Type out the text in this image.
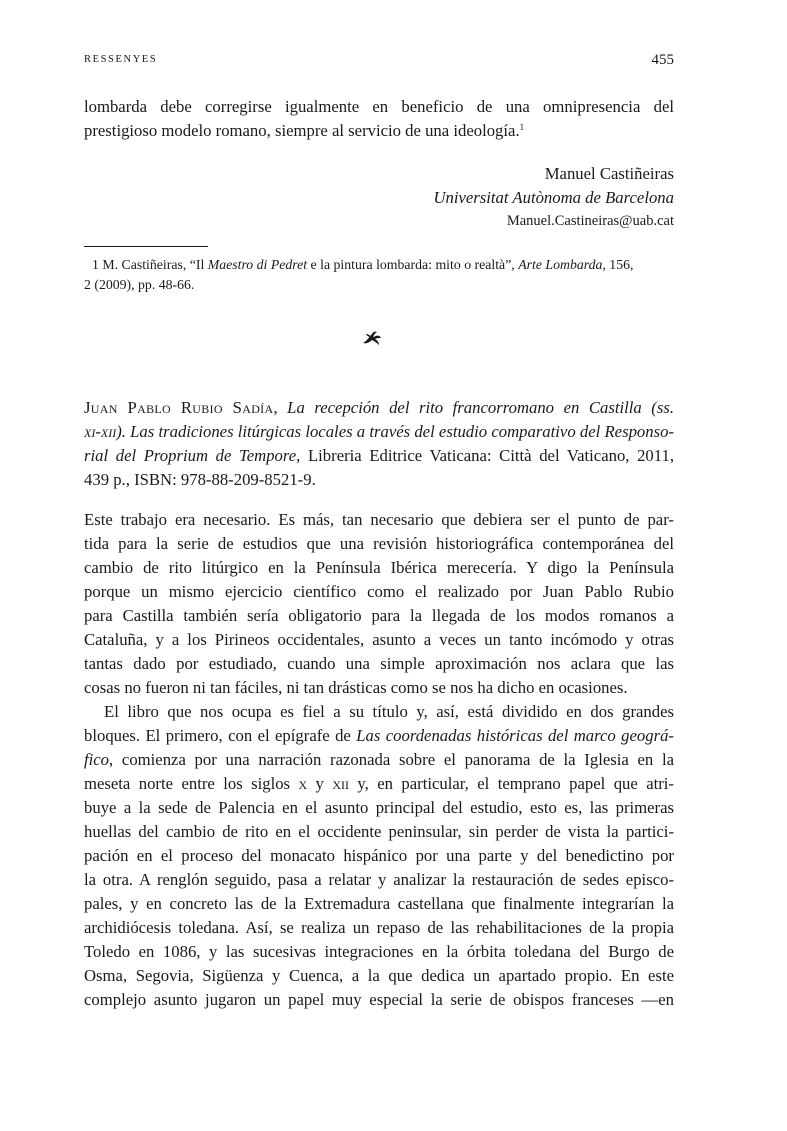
RESSENYES	455
lombarda debe corregirse igualmente en beneficio de una omnipresencia del
prestigioso modelo romano, siempre al servicio de una ideología.$^1$
Manuel Castiñeiras
Universitat Autònoma de Barcelona
Manuel.Castineiras@uab.cat
1 M. Castiñeiras, “Il Maestro di Pedret e la pintura lombarda: mito o realtà”, Arte Lombarda, 156,
2 (2009), pp. 48-66.
Juan Pablo Rubio Sadía, La recepción del rito francorromano en Castilla (ss.
xi-xii). Las tradiciones litúrgicas locales a través del estudio comparativo del Responso-
rial del Proprium de Tempore, Libreria Editrice Vaticana: Città del Vaticano, 2011,
439 p., ISBN: 978-88-209-8521-9.
Este trabajo era necesario. Es más, tan necesario que debiera ser el punto de par-
tida para la serie de estudios que una revisión historiográfica contemporánea del
cambio de rito litúrgico en la Península Ibérica merecería. Y digo la Península
porque un mismo ejercicio científico como el realizado por Juan Pablo Rubio
para Castilla también sería obligatorio para la llegada de los modos romanos a
Cataluña, y a los Pirineos occidentales, asunto a veces un tanto incómodo y otras
tantas dado por estudiado, cuando una simple aproximación nos aclara que las
cosas no fueron ni tan fáciles, ni tan drásticas como se nos ha dicho en ocasiones.
El libro que nos ocupa es fiel a su título y, así, está dividido en dos grandes
bloques. El primero, con el epígrafe de Las coordenadas históricas del marco geográ-
fico, comienza por una narración razonada sobre el panorama de la Iglesia en la
meseta norte entre los siglos x y xii y, en particular, el temprano papel que atri-
buye a la sede de Palencia en el asunto principal del estudio, esto es, las primeras
huellas del cambio de rito en el occidente peninsular, sin perder de vista la partici-
pación en el proceso del monacato hispánico por una parte y del benedictino por
la otra. A renglón seguido, pasa a relatar y analizar la restauración de sedes episco-
pales, y en concreto las de la Extremadura castellana que finalmente integrarían la
archidiócesis toledana. Así, se realiza un repaso de las rehabilitaciones de la propia
Toledo en 1086, y las sucesivas integraciones en la órbita toledana del Burgo de
Osma, Segovia, Sigüenza y Cuenca, a la que dedica un apartado propio. En este
complejo asunto jugaron un papel muy especial la serie de obispos franceses —en
